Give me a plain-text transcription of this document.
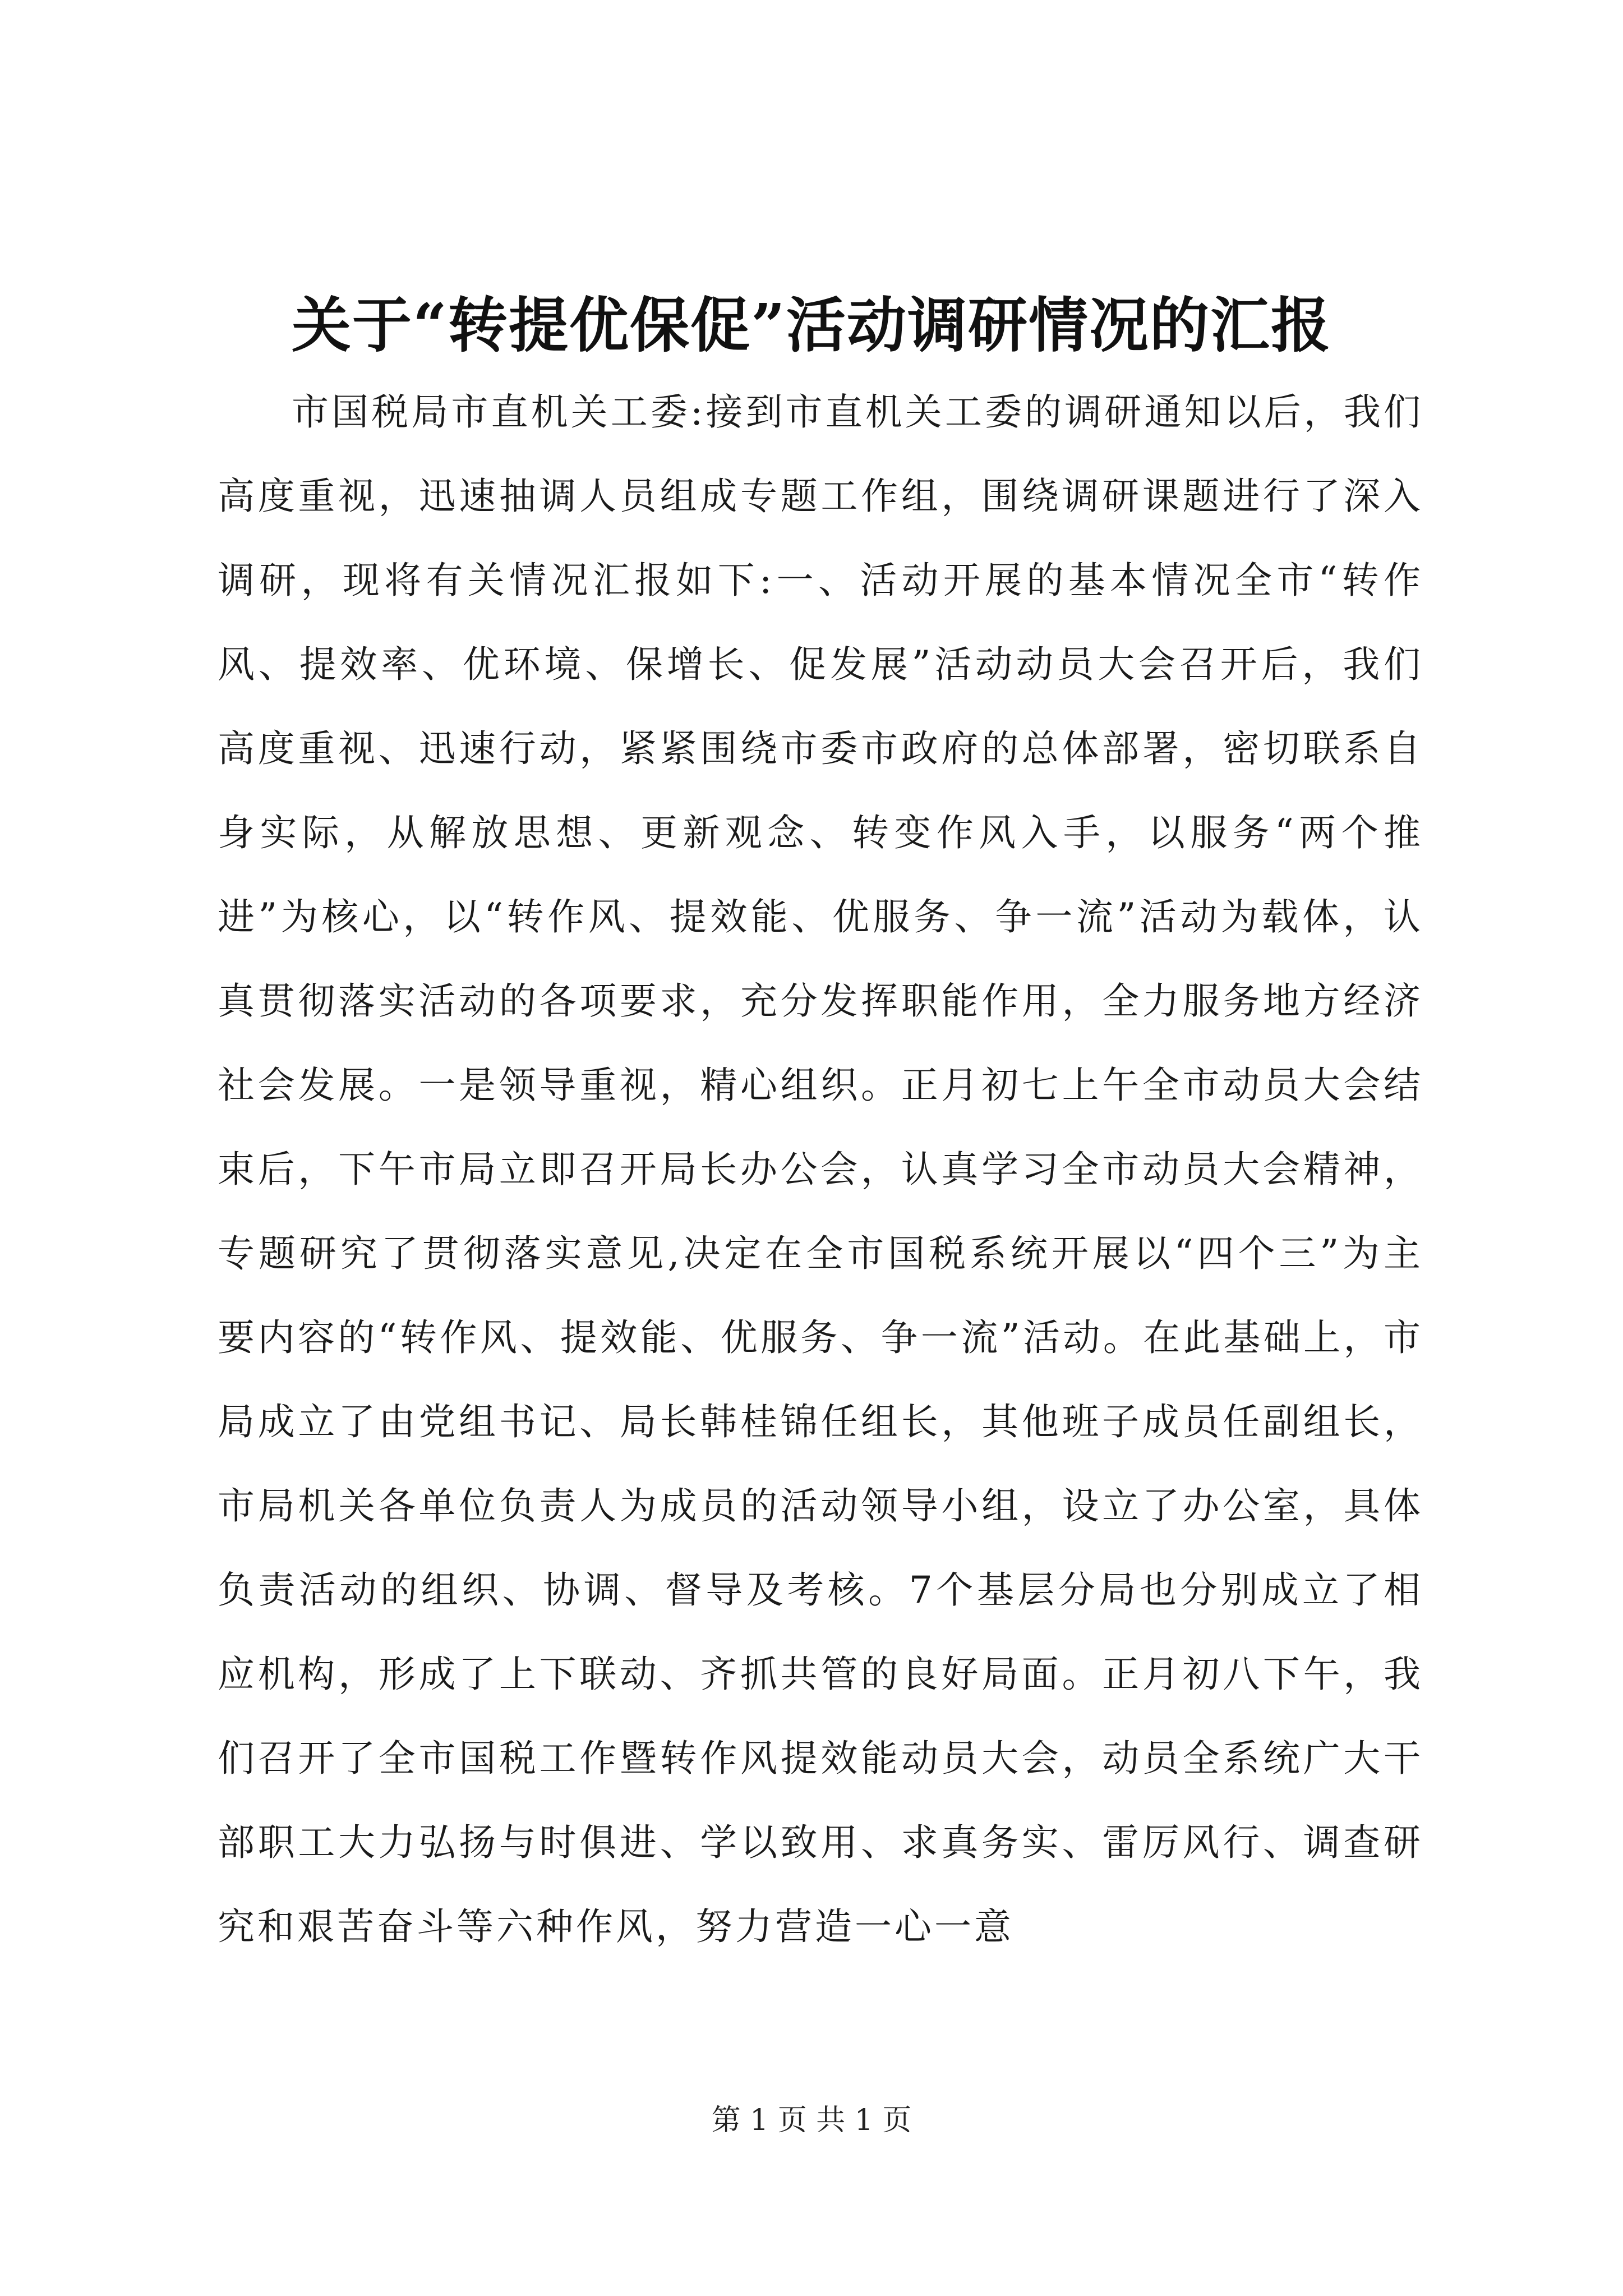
关于“转提优保促”活动调研情况的汇报

市国税局市直机关工委:接到市直机关工委的调研通知以后，我们高度重视，迅速抽调人员组成专题工作组，围绕调研课题进行了深入调研，现将有关情况汇报如下:一、活动开展的基本情况全市“转作风、提效率、优环境、保增长、促发展”活动动员大会召开后，我们高度重视、迅速行动，紧紧围绕市委市政府的总体部署，密切联系自身实际，从解放思想、更新观念、转变作风入手，以服务“两个推进”为核心，以“转作风、提效能、优服务、争一流”活动为载体，认真贯彻落实活动的各项要求，充分发挥职能作用，全力服务地方经济社会发展。一是领导重视，精心组织。正月初七上午全市动员大会结束后，下午市局立即召开局长办公会，认真学习全市动员大会精神，专题研究了贯彻落实意见,决定在全市国税系统开展以“四个三”为主要内容的“转作风、提效能、优服务、争一流”活动。在此基础上，市局成立了由党组书记、局长韩桂锦任组长，其他班子成员任副组长，市局机关各单位负责人为成员的活动领导小组，设立了办公室，具体负责活动的组织、协调、督导及考核。7个基层分局也分别成立了相应机构，形成了上下联动、齐抓共管的良好局面。正月初八下午，我们召开了全市国税工作暨转作风提效能动员大会，动员全系统广大干部职工大力弘扬与时俱进、学以致用、求真务实、雷厉风行、调查研究和艰苦奋斗等六种作风，努力营造一心一意

第 1 页 共 1 页
